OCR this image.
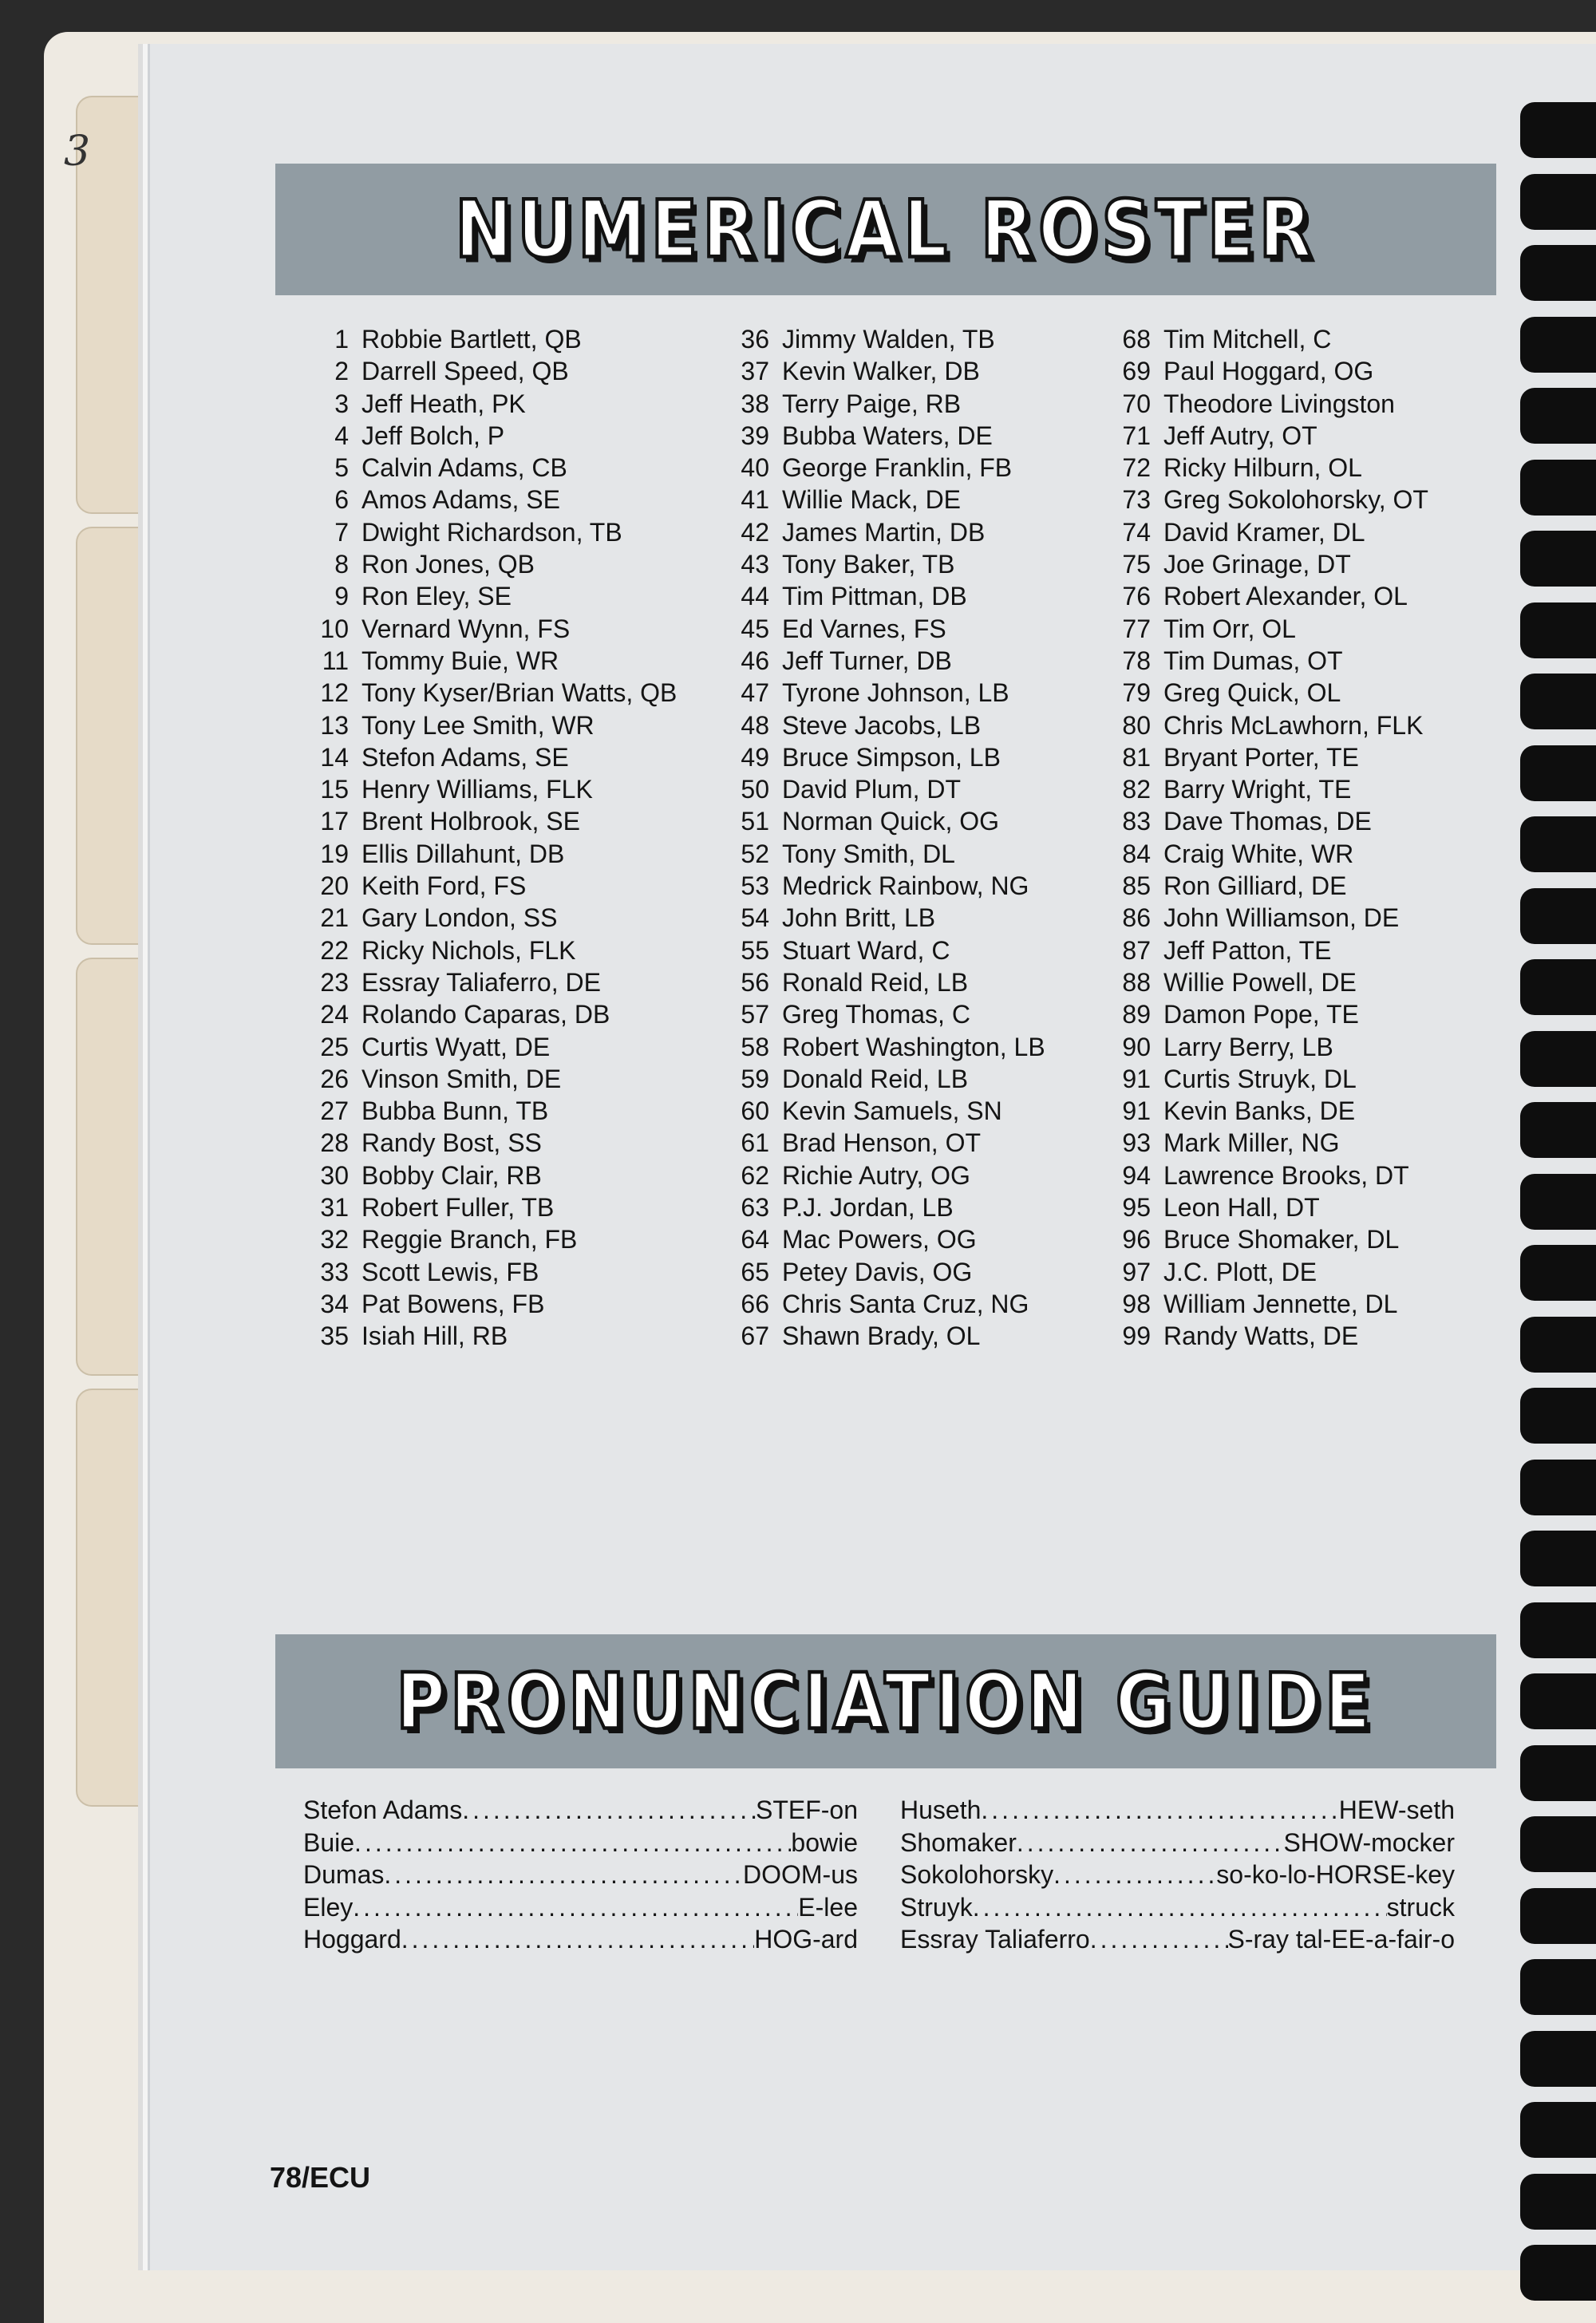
3
NUMERICAL ROSTER
1 Robbie Bartlett, QB
2 Darrell Speed, QB
3 Jeff Heath, PK
4 Jeff Bolch, P
5 Calvin Adams, CB
6 Amos Adams, SE
7 Dwight Richardson, TB
8 Ron Jones, QB
9 Ron Eley, SE
10 Vernard Wynn, FS
11 Tommy Buie, WR
12 Tony Kyser/Brian Watts, QB
13 Tony Lee Smith, WR
14 Stefon Adams, SE
15 Henry Williams, FLK
17 Brent Holbrook, SE
19 Ellis Dillahunt, DB
20 Keith Ford, FS
21 Gary London, SS
22 Ricky Nichols, FLK
23 Essray Taliaferro, DE
24 Rolando Caparas, DB
25 Curtis Wyatt, DE
26 Vinson Smith, DE
27 Bubba Bunn, TB
28 Randy Bost, SS
30 Bobby Clair, RB
31 Robert Fuller, TB
32 Reggie Branch, FB
33 Scott Lewis, FB
34 Pat Bowens, FB
35 Isiah Hill, RB
36 Jimmy Walden, TB
37 Kevin Walker, DB
38 Terry Paige, RB
39 Bubba Waters, DE
40 George Franklin, FB
41 Willie Mack, DE
42 James Martin, DB
43 Tony Baker, TB
44 Tim Pittman, DB
45 Ed Varnes, FS
46 Jeff Turner, DB
47 Tyrone Johnson, LB
48 Steve Jacobs, LB
49 Bruce Simpson, LB
50 David Plum, DT
51 Norman Quick, OG
52 Tony Smith, DL
53 Medrick Rainbow, NG
54 John Britt, LB
55 Stuart Ward, C
56 Ronald Reid, LB
57 Greg Thomas, C
58 Robert Washington, LB
59 Donald Reid, LB
60 Kevin Samuels, SN
61 Brad Henson, OT
62 Richie Autry, OG
63 P.J. Jordan, LB
64 Mac Powers, OG
65 Petey Davis, OG
66 Chris Santa Cruz, NG
67 Shawn Brady, OL
68 Tim Mitchell, C
69 Paul Hoggard, OG
70 Theodore Livingston
71 Jeff Autry, OT
72 Ricky Hilburn, OL
73 Greg Sokolohorsky, OT
74 David Kramer, DL
75 Joe Grinage, DT
76 Robert Alexander, OL
77 Tim Orr, OL
78 Tim Dumas, OT
79 Greg Quick, OL
80 Chris McLawhorn, FLK
81 Bryant Porter, TE
82 Barry Wright, TE
83 Dave Thomas, DE
84 Craig White, WR
85 Ron Gilliard, DE
86 John Williamson, DE
87 Jeff Patton, TE
88 Willie Powell, DE
89 Damon Pope, TE
90 Larry Berry, LB
91 Curtis Struyk, DL
91 Kevin Banks, DE
93 Mark Miller, NG
94 Lawrence Brooks, DT
95 Leon Hall, DT
96 Bruce Shomaker, DL
97 J.C. Plott, DE
98 William Jennette, DL
99 Randy Watts, DE
PRONUNCIATION GUIDE
Stefon Adams .....	STEF-on
Buie .....	bowie
Dumas .....	DOOM-us
Eley .....	E-lee
Hoggard .....	HOG-ard
Huseth .....	HEW-seth
Shomaker .....	SHOW-mocker
Sokolohorsky .....	so-ko-lo-HORSE-key
Struyk .....	struck
Essray Taliaferro .....	S-ray tal-EE-a-fair-o
78/ECU
